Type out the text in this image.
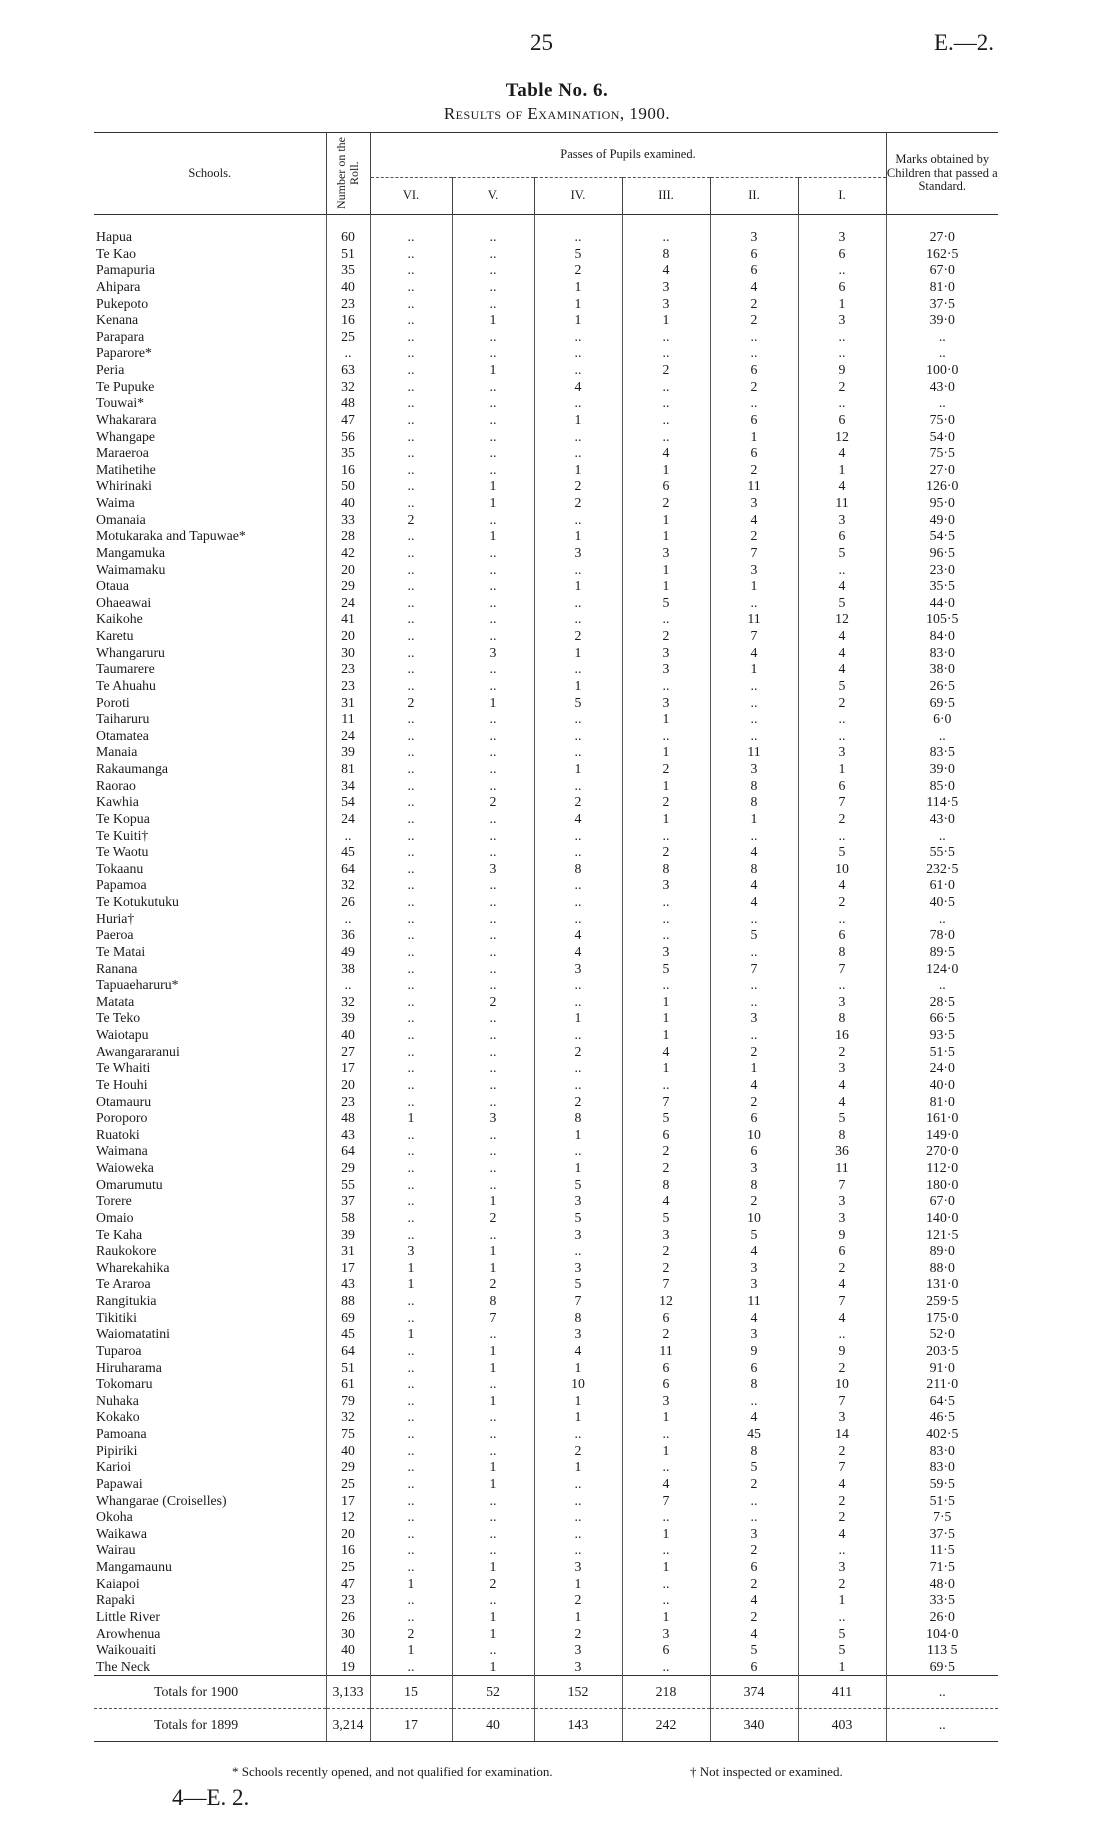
25	E.—2.
Table No. 6.
Results of Examination, 1900.
Schools.	Number on the Roll.	Passes of Pupils examined.						Marks obtained by Children that passed a Standard.
		VI.	V.	IV.	III.	II.	I.	
Hapua	60	..	..	..	..	3	3	27·0
Te Kao	51	..	..	5	8	6	6	162·5
Pamapuria	35	..	..	2	4	6	..	67·0
Ahipara	40	..	..	1	3	4	6	81·0
Pukepoto	23	..	..	1	3	2	1	37·5
Kenana	16	..	1	1	1	2	3	39·0
Parapara	25	..	..	..	..	..	..	..
Paparore*	..	..	..	..	..	..	..	..
Peria	63	..	1	..	2	6	9	100·0
Te Pupuke	32	..	..	4	..	2	2	43·0
Touwai*	48	..	..	..	..	..	..	..
Whakarara	47	..	..	1	..	6	6	75·0
Whangape	56	..	..	..	..	1	12	54·0
Maraeroa	35	..	..	..	4	6	4	75·5
Matihetihe	16	..	..	1	1	2	1	27·0
Whirinaki	50	..	1	2	6	11	4	126·0
Waima	40	..	1	2	2	3	11	95·0
Omanaia	33	2	..	..	1	4	3	49·0
Motukaraka and Tapuwae*	28	..	1	1	1	2	6	54·5
Mangamuka	42	..	..	3	3	7	5	96·5
Waimamaku	20	..	..	..	1	3	..	23·0
Otaua	29	..	..	1	1	1	4	35·5
Ohaeawai	24	..	..	..	5	..	5	44·0
Kaikohe	41	..	..	..	..	11	12	105·5
Karetu	20	..	..	2	2	7	4	84·0
Whangaruru	30	..	3	1	3	4	4	83·0
Taumarere	23	..	..	..	3	1	4	38·0
Te Ahuahu	23	..	..	1	..	..	5	26·5
Poroti	31	2	1	5	3	..	2	69·5
Taiharuru	11	..	..	..	1	..	..	6·0
Otamatea	24	..	..	..	..	..	..	..
Manaia	39	..	..	..	1	11	3	83·5
Rakaumanga	81	..	..	1	2	3	1	39·0
Raorao	34	..	..	..	1	8	6	85·0
Kawhia	54	..	2	2	2	8	7	114·5
Te Kopua	24	..	..	4	1	1	2	43·0
Te Kuiti†	..	..	..	..	..	..	..	..
Te Waotu	45	..	..	..	2	4	5	55·5
Tokaanu	64	..	3	8	8	8	10	232·5
Papamoa	32	..	..	..	3	4	4	61·0
Te Kotukutuku	26	..	..	..	..	4	2	40·5
Huria†	..	..	..	..	..	..	..	..
Paeroa	36	..	..	4	..	5	6	78·0
Te Matai	49	..	..	4	3	..	8	89·5
Ranana	38	..	..	3	5	7	7	124·0
Tapuaeharuru*	..	..	..	..	..	..	..	..
Matata	32	..	2	..	1	..	3	28·5
Te Teko	39	..	..	1	1	3	8	66·5
Waiotapu	40	..	..	..	1	..	16	93·5
Awangararanui	27	..	..	2	4	2	2	51·5
Te Whaiti	17	..	..	..	1	1	3	24·0
Te Houhi	20	..	..	..	..	4	4	40·0
Otamauru	23	..	..	2	7	2	4	81·0
Poroporo	48	1	3	8	5	6	5	161·0
Ruatoki	43	..	..	1	6	10	8	149·0
Waimana	64	..	..	..	2	6	36	270·0
Waioweka	29	..	..	1	2	3	11	112·0
Omarumutu	55	..	..	5	8	8	7	180·0
Torere	37	..	1	3	4	2	3	67·0
Omaio	58	..	2	5	5	10	3	140·0
Te Kaha	39	..	..	3	3	5	9	121·5
Raukokore	31	3	1	..	2	4	6	89·0
Wharekahika	17	1	1	3	2	3	2	88·0
Te Araroa	43	1	2	5	7	3	4	131·0
Rangitukia	88	..	8	7	12	11	7	259·5
Tikitiki	69	..	7	8	6	4	4	175·0
Waiomatatini	45	1	..	3	2	3	..	52·0
Tuparoa	64	..	1	4	11	9	9	203·5
Hiruharama	51	..	1	1	6	6	2	91·0
Tokomaru	61	..	..	10	6	8	10	211·0
Nuhaka	79	..	1	1	3	..	7	64·5
Kokako	32	..	..	1	1	4	3	46·5
Pamoana	75	..	..	..	..	45	14	402·5
Pipiriki	40	..	..	2	1	8	2	83·0
Karioi	29	..	1	1	..	5	7	83·0
Papawai	25	..	1	..	4	2	4	59·5
Whangarae (Croiselles)	17	..	..	..	7	..	2	51·5
Okoha	12	..	..	..	..	..	2	7·5
Waikawa	20	..	..	..	1	3	4	37·5
Wairau	16	..	..	..	..	2	..	11·5
Mangamaunu	25	..	1	3	1	6	3	71·5
Kaiapoi	47	1	2	1	..	2	2	48·0
Rapaki	23	..	..	2	..	4	1	33·5
Little River	26	..	1	1	1	2	..	26·0
Arowhenua	30	2	1	2	3	4	5	104·0
Waikouaiti	40	1	..	3	6	5	5	113 5
The Neck	19	..	1	3	..	6	1	69·5
Totals for 1900	3,133	15	52	152	218	374	411	..
Totals for 1899	3,214	17	40	143	242	340	403	..
* Schools recently opened, and not qualified for examination.	† Not inspected or examined.
4—E. 2.
